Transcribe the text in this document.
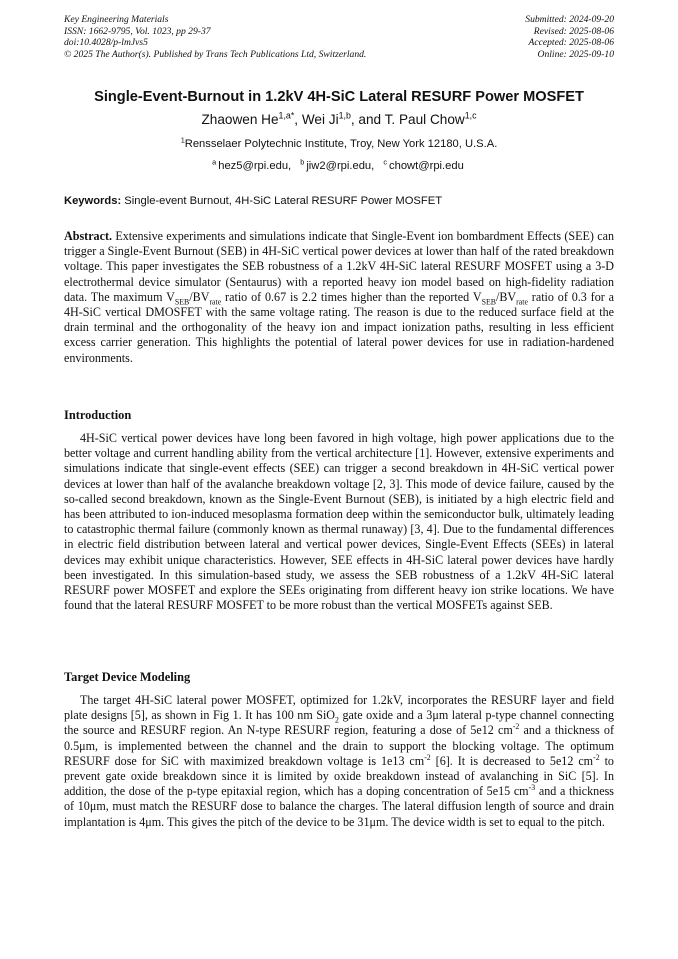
Key Engineering Materials
ISSN: 1662-9795, Vol. 1023, pp 29-37
doi:10.4028/p-lmJvs5
© 2025 The Author(s). Published by Trans Tech Publications Ltd, Switzerland.
Submitted: 2024-09-20
Revised: 2025-08-06
Accepted: 2025-08-06
Online: 2025-09-10
Single-Event-Burnout in 1.2kV 4H-SiC Lateral RESURF Power MOSFET
Zhaowen $He^{1,a*}$, Wei Ji$^{1,b}$, and T. Paul Chow$^{1,c}$
$^1$Rensselaer Polytechnic Institute, Troy, New York 12180, U.S.A.
$^a$ hez5@rpi.edu, $^b$ jiw2@rpi.edu, $^c$ chowt@rpi.edu
Keywords: Single-event Burnout, 4H-SiC Lateral RESURF Power MOSFET
Abstract. Extensive experiments and simulations indicate that Single-Event ion bombardment Effects (SEE) can trigger a Single-Event Burnout (SEB) in 4H-SiC vertical power devices at lower than half of the rated breakdown voltage. This paper investigates the SEB robustness of a 1.2kV 4H-SiC lateral RESURF MOSFET using a 3-D electrothermal device simulator (Sentaurus) with a reported heavy ion model based on high-fidelity radiation data. The maximum $V_{SEB}/BV_{rate}$ ratio of 0.67 is 2.2 times higher than the reported $V_{SEB}/BV_{rate}$ ratio of 0.3 for a 4H-SiC vertical DMOSFET with the same voltage rating. The reason is due to the reduced surface field at the drain terminal and the orthogonality of the heavy ion and impact ionization paths, resulting in less efficient excess carrier generation. This highlights the potential of lateral power devices for use in radiation-hardened environments.
Introduction
4H-SiC vertical power devices have long been favored in high voltage, high power applications due to the better voltage and current handling ability from the vertical architecture [1]. However, extensive experiments and simulations indicate that single-event effects (SEE) can trigger a second breakdown in 4H-SiC vertical power devices at lower than half of the avalanche breakdown voltage [2, 3]. This mode of device failure, caused by the so-called second breakdown, known as the Single-Event Burnout (SEB), is initiated by a high electric field and has been attributed to ion-induced mesoplasma formation deep within the semiconductor bulk, ultimately leading to catastrophic thermal failure (commonly known as thermal runaway) [3, 4]. Due to the fundamental differences in electric field distribution between lateral and vertical power devices, Single-Event Effects (SEEs) in lateral devices may exhibit unique characteristics. However, SEE effects in 4H-SiC lateral power devices have hardly been investigated. In this simulation-based study, we assess the SEB robustness of a 1.2kV 4H-SiC lateral RESURF power MOSFET and explore the SEEs originating from different heavy ion strike locations. We have found that the lateral RESURF MOSFET to be more robust than the vertical MOSFETs against SEB.
Target Device Modeling
The target 4H-SiC lateral power MOSFET, optimized for 1.2kV, incorporates the RESURF layer and field plate designs [5], as shown in Fig 1. It has 100 nm SiO$_2$ gate oxide and a 3μm lateral p-type channel connecting the source and RESURF region. An N-type RESURF region, featuring a dose of 5e12 $cm^{-2}$ and a thickness of 0.5μm, is implemented between the channel and the drain to support the blocking voltage. The optimum RESURF dose for SiC with maximized breakdown voltage is 1e13 $cm^{-2}$ [6]. It is decreased to 5e12 $cm^{-2}$ to prevent gate oxide breakdown since it is limited by oxide breakdown instead of avalanching in SiC [5]. In addition, the dose of the p-type epitaxial region, which has a doping concentration of 5e15 $cm^{-3}$ and a thickness of 10μm, must match the RESURF dose to balance the charges. The lateral diffusion length of source and drain implantation is 4μm. This gives the pitch of the device to be 31μm. The device width is set to equal to the pitch.
